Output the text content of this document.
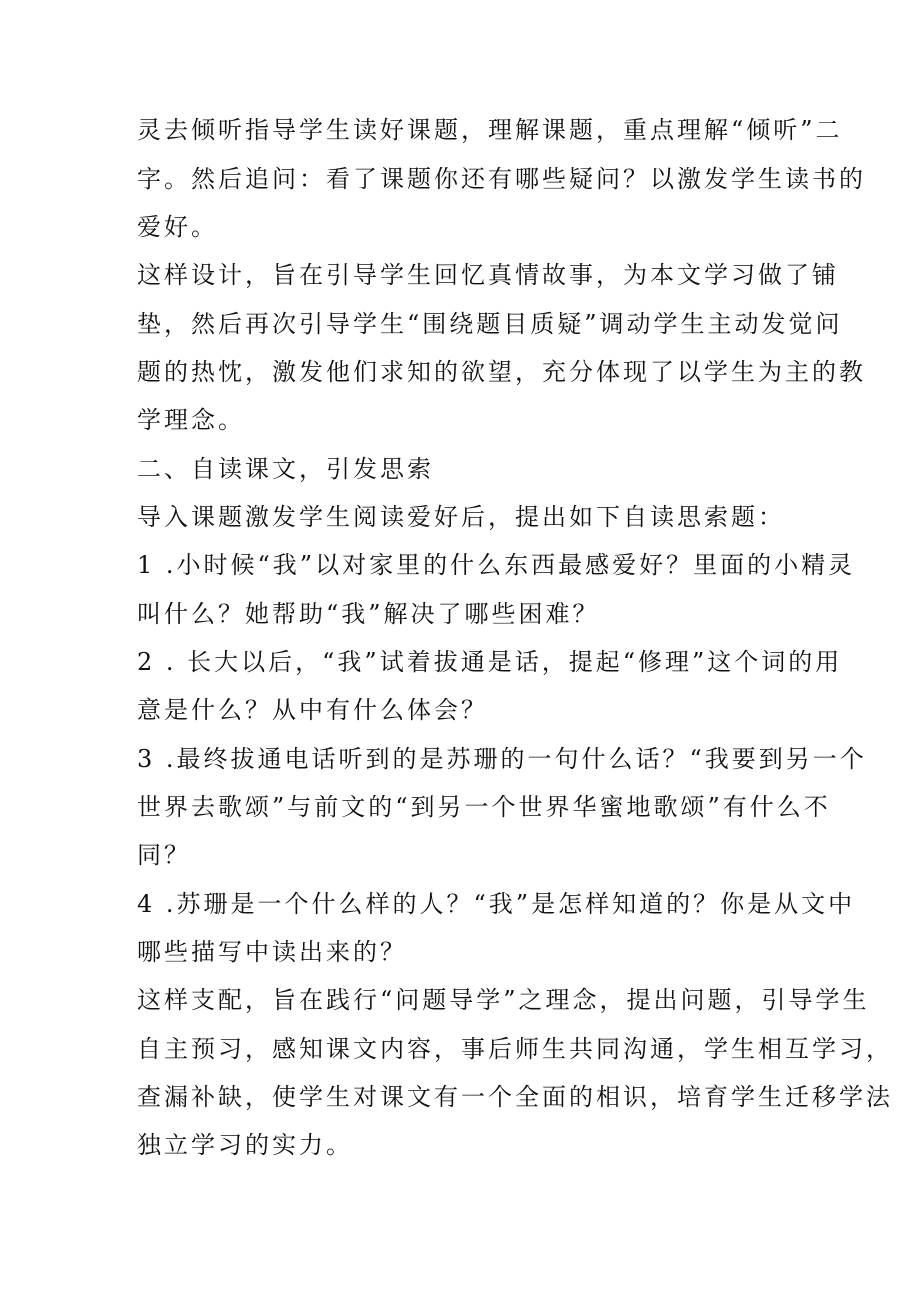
灵去倾听指导学生读好课题，理解课题，重点理解“倾听”二
字。然后追问：看了课题你还有哪些疑问？以激发学生读书的
爱好。
这样设计，旨在引导学生回忆真情故事，为本文学习做了铺
垫，然后再次引导学生“围绕题目质疑”调动学生主动发觉问
题的热忱，激发他们求知的欲望，充分体现了以学生为主的教
学理念。
二、自读课文，引发思索
导入课题激发学生阅读爱好后，提出如下自读思索题：
1 .小时候“我”以对家里的什么东西最感爱好？里面的小精灵
叫什么？她帮助“我”解决了哪些困难？
2 . 长大以后，“我”试着拔通是话，提起“修理”这个词的用
意是什么？从中有什么体会？
3 .最终拔通电话听到的是苏珊的一句什么话？“我要到另一个
世界去歌颂”与前文的“到另一个世界华蜜地歌颂”有什么不
同？
4 .苏珊是一个什么样的人？“我”是怎样知道的？你是从文中
哪些描写中读出来的？
这样支配，旨在践行“问题导学”之理念，提出问题，引导学生
自主预习，感知课文内容，事后师生共同沟通，学生相互学习，
查漏补缺，使学生对课文有一个全面的相识，培育学生迁移学法
独立学习的实力。
